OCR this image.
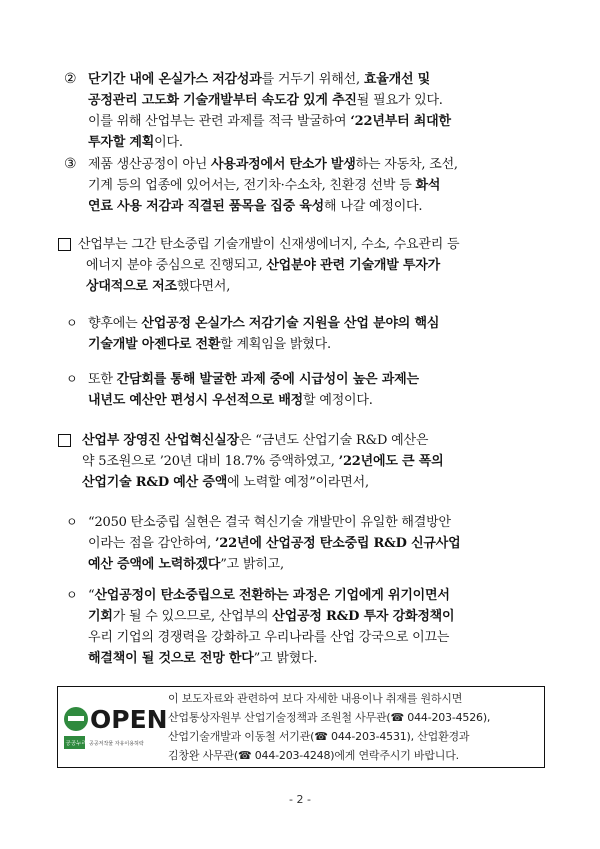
② 단기간 내에 온실가스 저감성과를 거두기 위해선, 효율개선 및
공정관리 고도화 기술개발부터 속도감 있게 추진될 필요가 있다.
이를 위해 산업부는 관련 과제를 적극 발굴하여 ‘22년부터 최대한
투자할 계획이다.
③ 제품 생산공정이 아닌 사용과정에서 탄소가 발생하는 자동차, 조선,
기계 등의 업종에 있어서는, 전기차·수소차, 친환경 선박 등 화석
연료 사용 저감과 직결된 품목을 집중 육성해 나갈 예정이다.
산업부는 그간 탄소중립 기술개발이 신재생에너지, 수소, 수요관리 등
에너지 분야 중심으로 진행되고, 산업분야 관련 기술개발 투자가
상대적으로 저조했다면서,
ㅇ 향후에는 산업공정 온실가스 저감기술 지원을 산업 분야의 핵심
기술개발 아젠다로 전환할 계획임을 밝혔다.
ㅇ 또한 간담회를 통해 발굴한 과제 중에 시급성이 높은 과제는
내년도 예산안 편성시 우선적으로 배정할 예정이다.
산업부 장영진 산업혁신실장은 “금년도 산업기술 R&D 예산은
약 5조원으로 ’20년 대비 18.7% 증액하였고, ’22년에도 큰 폭의
산업기술 R&D 예산 증액에 노력할 예정”이라면서,
ㅇ “2050 탄소중립 실현은 결국 혁신기술 개발만이 유일한 해결방안
이라는 점을 감안하여, ’22년에 산업공정 탄소중립 R&D 신규사업
예산 증액에 노력하겠다”고 밝히고,
ㅇ “산업공정이 탄소중립으로 전환하는 과정은 기업에게 위기이면서
기회가 될 수 있으므로, 산업부의 산업공정 R&D 투자 강화정책이
우리 기업의 경쟁력을 강화하고 우리나라를 산업 강국으로 이끄는
해결책이 될 것으로 전망 한다”고 밝혔다.
OPEN
공공누리 공공저작물 자유이용허락
이 보도자료와 관련하여 보다 자세한 내용이나 취재를 원하시면
산업통상자원부 산업기술정책과 조원철 사무관(☎ 044-203-4526),
산업기술개발과 이동철 서기관(☎ 044-203-4531), 산업환경과
김창완 사무관(☎ 044-203-4248)에게 연락주시기 바랍니다.
- 2 -
